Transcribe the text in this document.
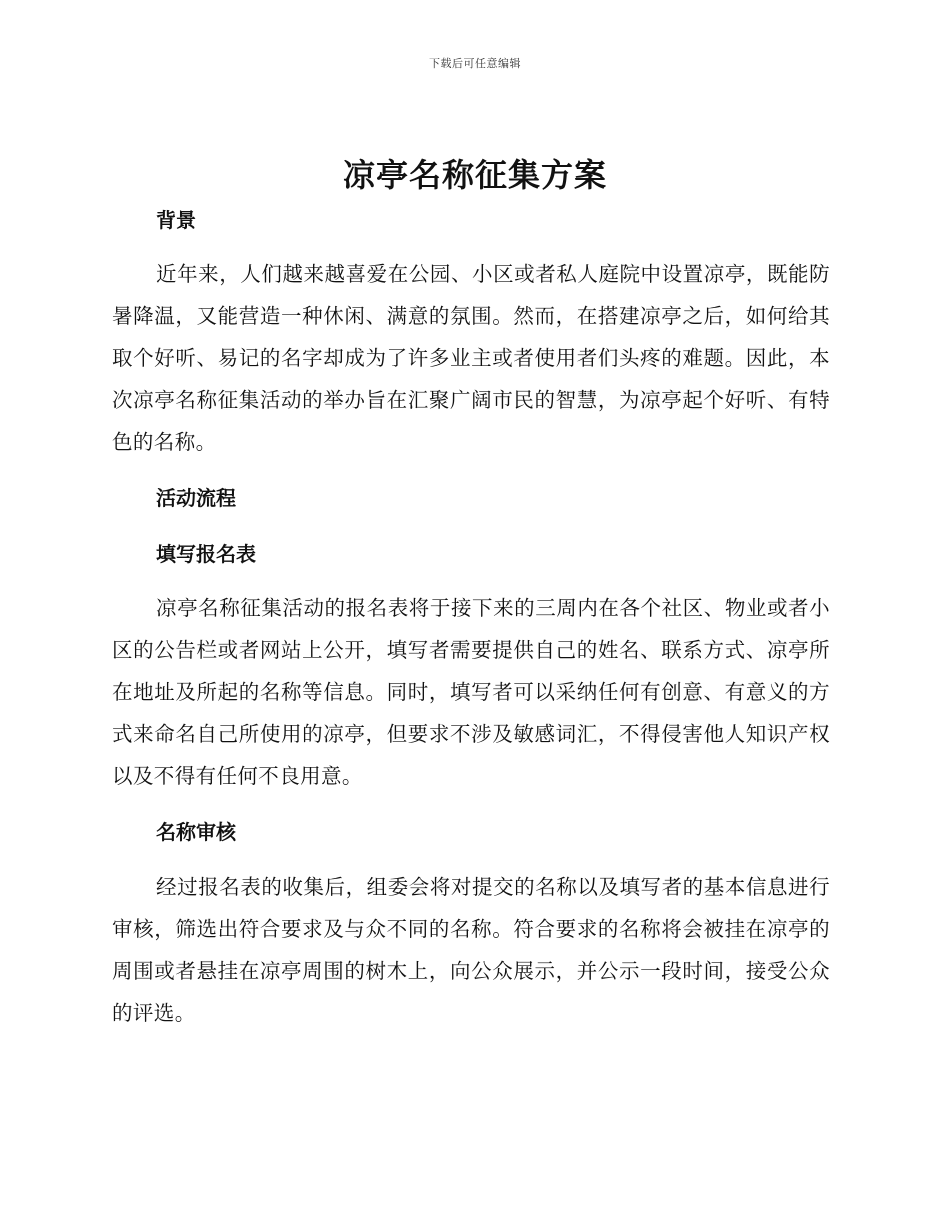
下载后可任意编辑
凉亭名称征集方案
背景

近年来，人们越来越喜爱在公园、小区或者私人庭院中设置凉亭，既能防暑降温，又能营造一种休闲、满意的氛围。然而，在搭建凉亭之后，如何给其取个好听、易记的名字却成为了许多业主或者使用者们头疼的难题。因此，本次凉亭名称征集活动的举办旨在汇聚广阔市民的智慧，为凉亭起个好听、有特色的名称。

活动流程
填写报名表

凉亭名称征集活动的报名表将于接下来的三周内在各个社区、物业或者小区的公告栏或者网站上公开，填写者需要提供自己的姓名、联系方式、凉亭所在地址及所起的名称等信息。同时，填写者可以采纳任何有创意、有意义的方式来命名自己所使用的凉亭，但要求不涉及敏感词汇，不得侵害他人知识产权以及不得有任何不良用意。

名称审核

经过报名表的收集后，组委会将对提交的名称以及填写者的基本信息进行审核，筛选出符合要求及与众不同的名称。符合要求的名称将会被挂在凉亭的周围或者悬挂在凉亭周围的树木上，向公众展示，并公示一段时间，接受公众的评选。
